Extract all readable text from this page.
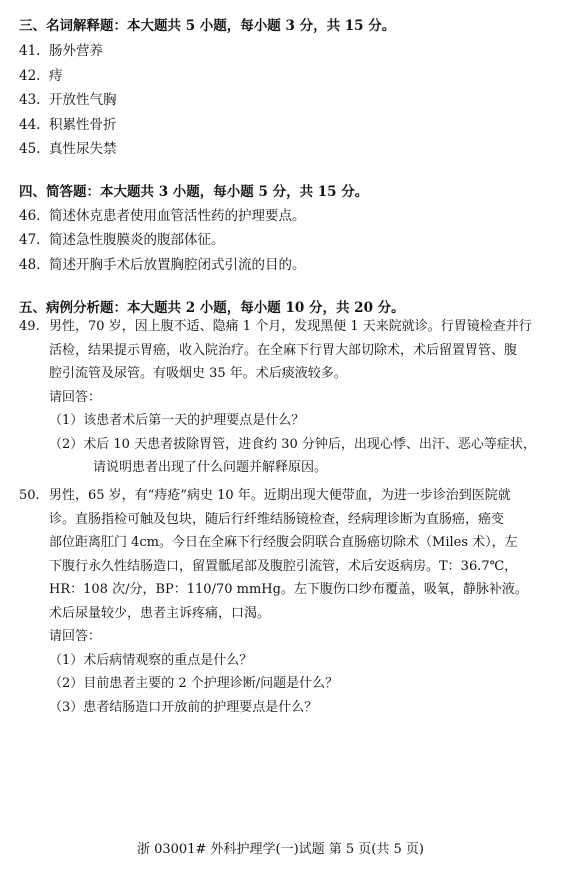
三、名词解释题：本大题共 5 小题，每小题 3 分，共 15 分。
41. 肠外营养
42. 痔
43. 开放性气胸
44. 积累性骨折
45. 真性尿失禁
四、简答题：本大题共 3 小题，每小题 5 分，共 15 分。
46. 简述休克患者使用血管活性药的护理要点。
47. 简述急性腹膜炎的腹部体征。
48. 简述开胸手术后放置胸腔闭式引流的目的。
五、病例分析题：本大题共 2 小题，每小题 10 分，共 20 分。
49. 男性，70 岁，因上腹不适、隐痛 1 个月，发现黑便 1 天来院就诊。行胃镜检查并行
活检，结果提示胃癌，收入院治疗。在全麻下行胃大部切除术，术后留置胃管、腹
腔引流管及尿管。有吸烟史 35 年。术后痰液较多。
请回答：
（1）该患者术后第一天的护理要点是什么？
（2）术后 10 天患者拔除胃管，进食约 30 分钟后，出现心悸、出汗、恶心等症状，
请说明患者出现了什么问题并解释原因。
50. 男性，65 岁，有“痔疮”病史 10 年。近期出现大便带血，为进一步诊治到医院就
诊。直肠指检可触及包块，随后行纤维结肠镜检查，经病理诊断为直肠癌，癌变
部位距离肛门 4cm。今日在全麻下行经腹会阴联合直肠癌切除术（Miles 术），左
下腹行永久性结肠造口，留置骶尾部及腹腔引流管，术后安返病房。T：36.7℃，
HR：108 次/分，BP：110/70 mmHg。左下腹伤口纱布覆盖，吸氧，静脉补液。
术后尿量较少，患者主诉疼痛，口渴。
请回答：
（1）术后病情观察的重点是什么？
（2）目前患者主要的 2 个护理诊断/问题是什么？
（3）患者结肠造口开放前的护理要点是什么？
浙 03001# 外科护理学(一)试题 第 5 页(共 5 页)
